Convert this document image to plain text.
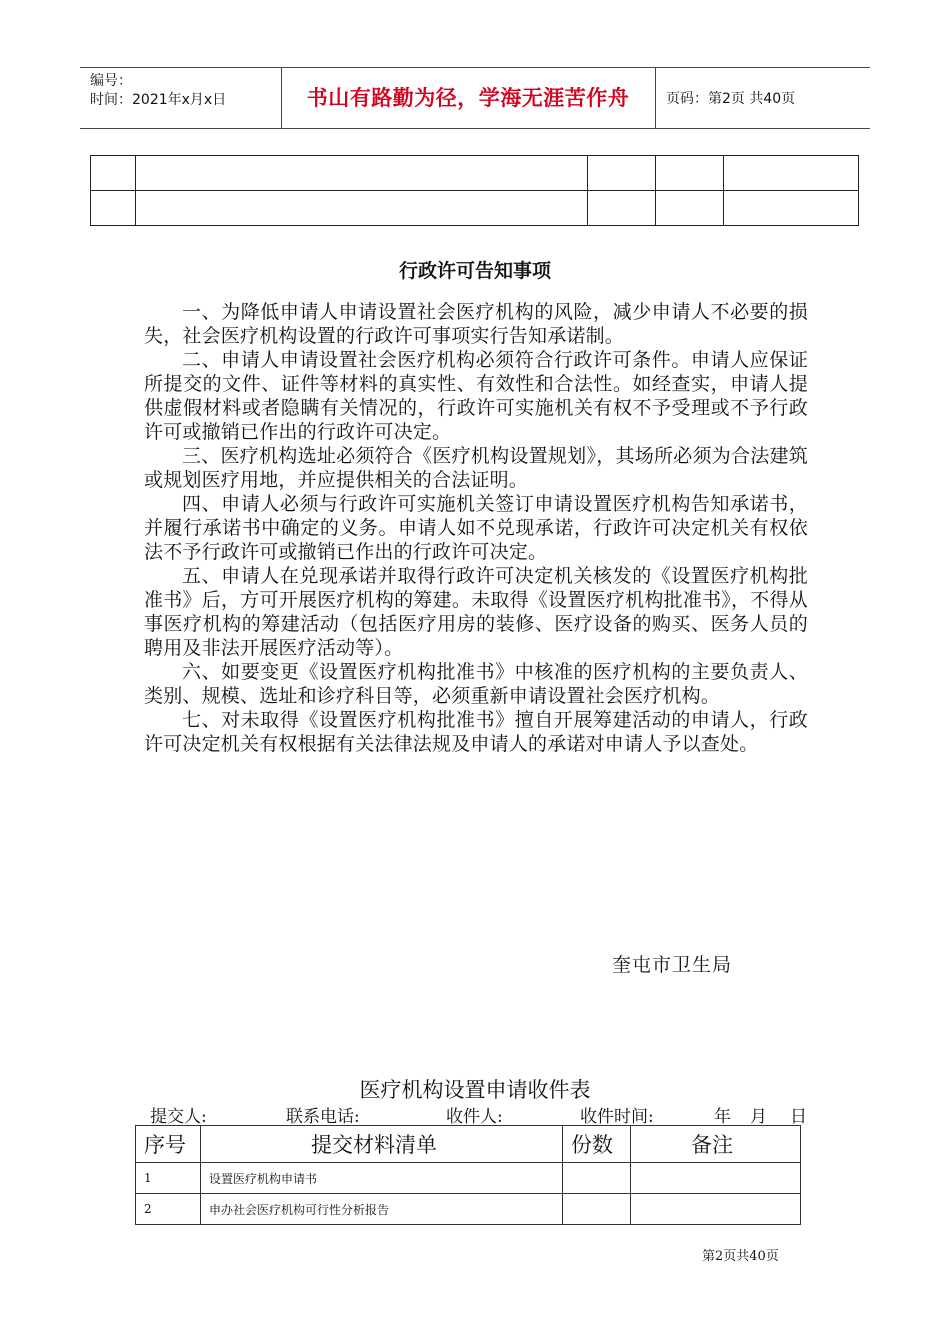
编号：
时间：2021年x月x日	书山有路勤为径，学海无涯苦作舟	页码：第2页 共40页

行政许可告知事项

一、为降低申请人申请设置社会医疗机构的风险，减少申请人不必要的损失，社会医疗机构设置的行政许可事项实行告知承诺制。

二、申请人申请设置社会医疗机构必须符合行政许可条件。申请人应保证所提交的文件、证件等材料的真实性、有效性和合法性。如经查实，申请人提供虚假材料或者隐瞒有关情况的，行政许可实施机关有权不予受理或不予行政许可或撤销已作出的行政许可决定。

三、医疗机构选址必须符合《医疗机构设置规划》，其场所必须为合法建筑或规划医疗用地，并应提供相关的合法证明。

四、申请人必须与行政许可实施机关签订申请设置医疗机构告知承诺书，并履行承诺书中确定的义务。申请人如不兑现承诺，行政许可决定机关有权依法不予行政许可或撤销已作出的行政许可决定。

五、申请人在兑现承诺并取得行政许可决定机关核发的《设置医疗机构批准书》后，方可开展医疗机构的筹建。未取得《设置医疗机构批准书》，不得从事医疗机构的筹建活动（包括医疗用房的装修、医疗设备的购买、医务人员的聘用及非法开展医疗活动等）。

六、如要变更《设置医疗机构批准书》中核准的医疗机构的主要负责人、类别、规模、选址和诊疗科目等，必须重新申请设置社会医疗机构。

七、对未取得《设置医疗机构批准书》擅自开展筹建活动的申请人，行政许可决定机关有权根据有关法律法规及申请人的承诺对申请人予以查处。

奎屯市卫生局
医疗机构设置申请收件表
提交人:	联系电话:	收件人:	收件时间:	年 月 日
序号	提交材料清单	份数	备注
1	设置医疗机构申请书		
2	申办社会医疗机构可行性分析报告		
第2页共40页
